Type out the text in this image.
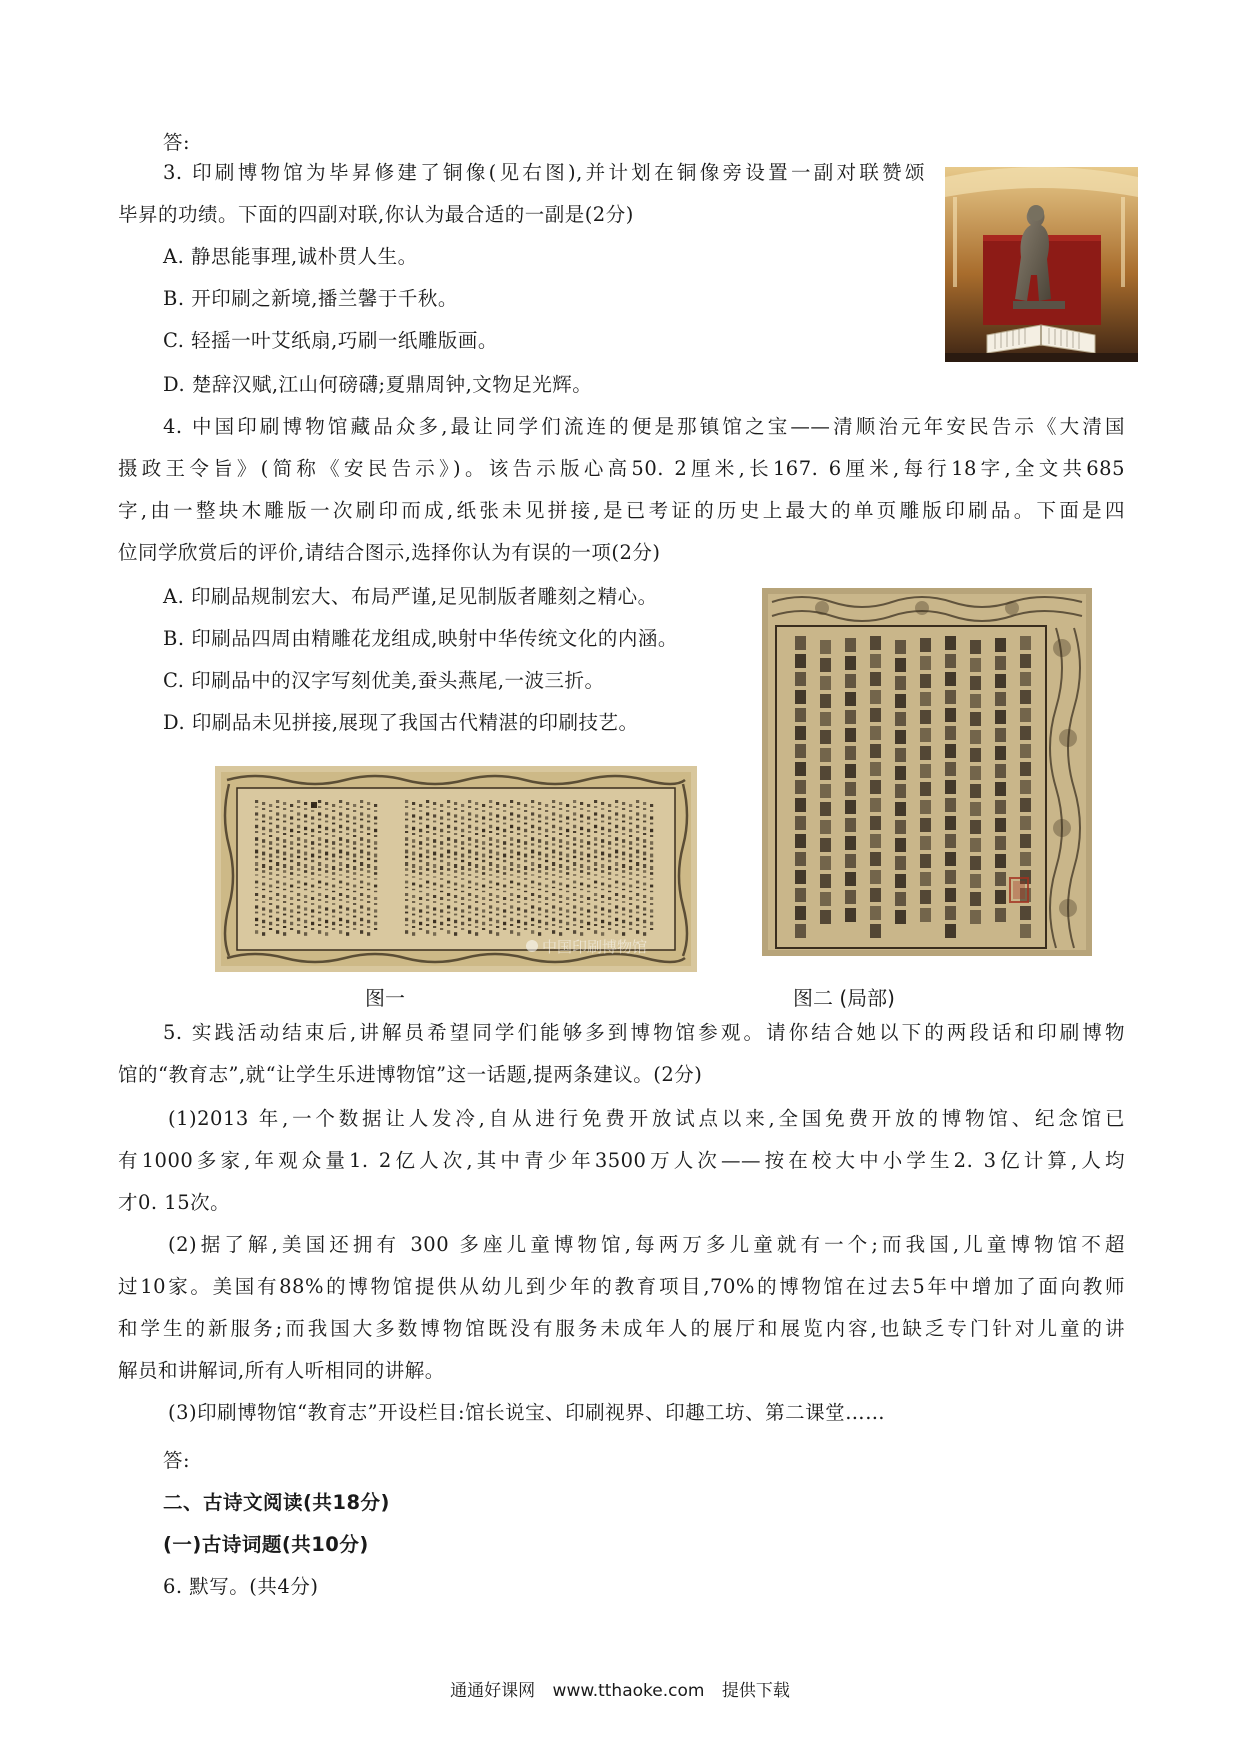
答:
3. 印刷博物馆为毕昇修建了铜像(见右图),并计划在铜像旁设置一副对联赞颂
毕昇的功绩。下面的四副对联,你认为最合适的一副是(2分)
A. 静思能事理,诚朴贯人生。
B. 开印刷之新境,播兰馨于千秋。
C. 轻摇一叶艾纸扇,巧刷一纸雕版画。
D. 楚辞汉赋,江山何磅礴;夏鼎周钟,文物足光辉。
4. 中国印刷博物馆藏品众多,最让同学们流连的便是那镇馆之宝——清顺治元年安民告示《大清国
摄政王令旨》(简称《安民告示》)。该告示版心高50. 2厘米,长167. 6厘米,每行18字,全文共685
字,由一整块木雕版一次刷印而成,纸张未见拼接,是已考证的历史上最大的单页雕版印刷品。下面是四
位同学欣赏后的评价,请结合图示,选择你认为有误的一项(2分)
A. 印刷品规制宏大、布局严谨,足见制版者雕刻之精心。
B. 印刷品四周由精雕花龙组成,映射中华传统文化的内涵。
C. 印刷品中的汉字写刻优美,蚕头燕尾,一波三折。
D. 印刷品未见拼接,展现了我国古代精湛的印刷技艺。
中国印刷博物馆
图一	图二 (局部)
5. 实践活动结束后,讲解员希望同学们能够多到博物馆参观。请你结合她以下的两段话和印刷博物
馆的“教育志”,就“让学生乐进博物馆”这一话题,提两条建议。(2分)
(1)2013 年,一个数据让人发冷,自从进行免费开放试点以来,全国免费开放的博物馆、纪念馆已
有1000多家,年观众量1. 2亿人次,其中青少年3500万人次——按在校大中小学生2. 3亿计算,人均
才0. 15次。
(2)据了解,美国还拥有 300 多座儿童博物馆,每两万多儿童就有一个;而我国,儿童博物馆不超
过10家。美国有88%的博物馆提供从幼儿到少年的教育项目,70%的博物馆在过去5年中增加了面向教师
和学生的新服务;而我国大多数博物馆既没有服务未成年人的展厅和展览内容,也缺乏专门针对儿童的讲
解员和讲解词,所有人听相同的讲解。
(3)印刷博物馆“教育志”开设栏目:馆长说宝、印刷视界、印趣工坊、第二课堂……
答:
二、古诗文阅读(共18分)
(一)古诗词题(共10分)
6. 默写。(共4分)
通通好课网 www.tthaoke.com 提供下载
